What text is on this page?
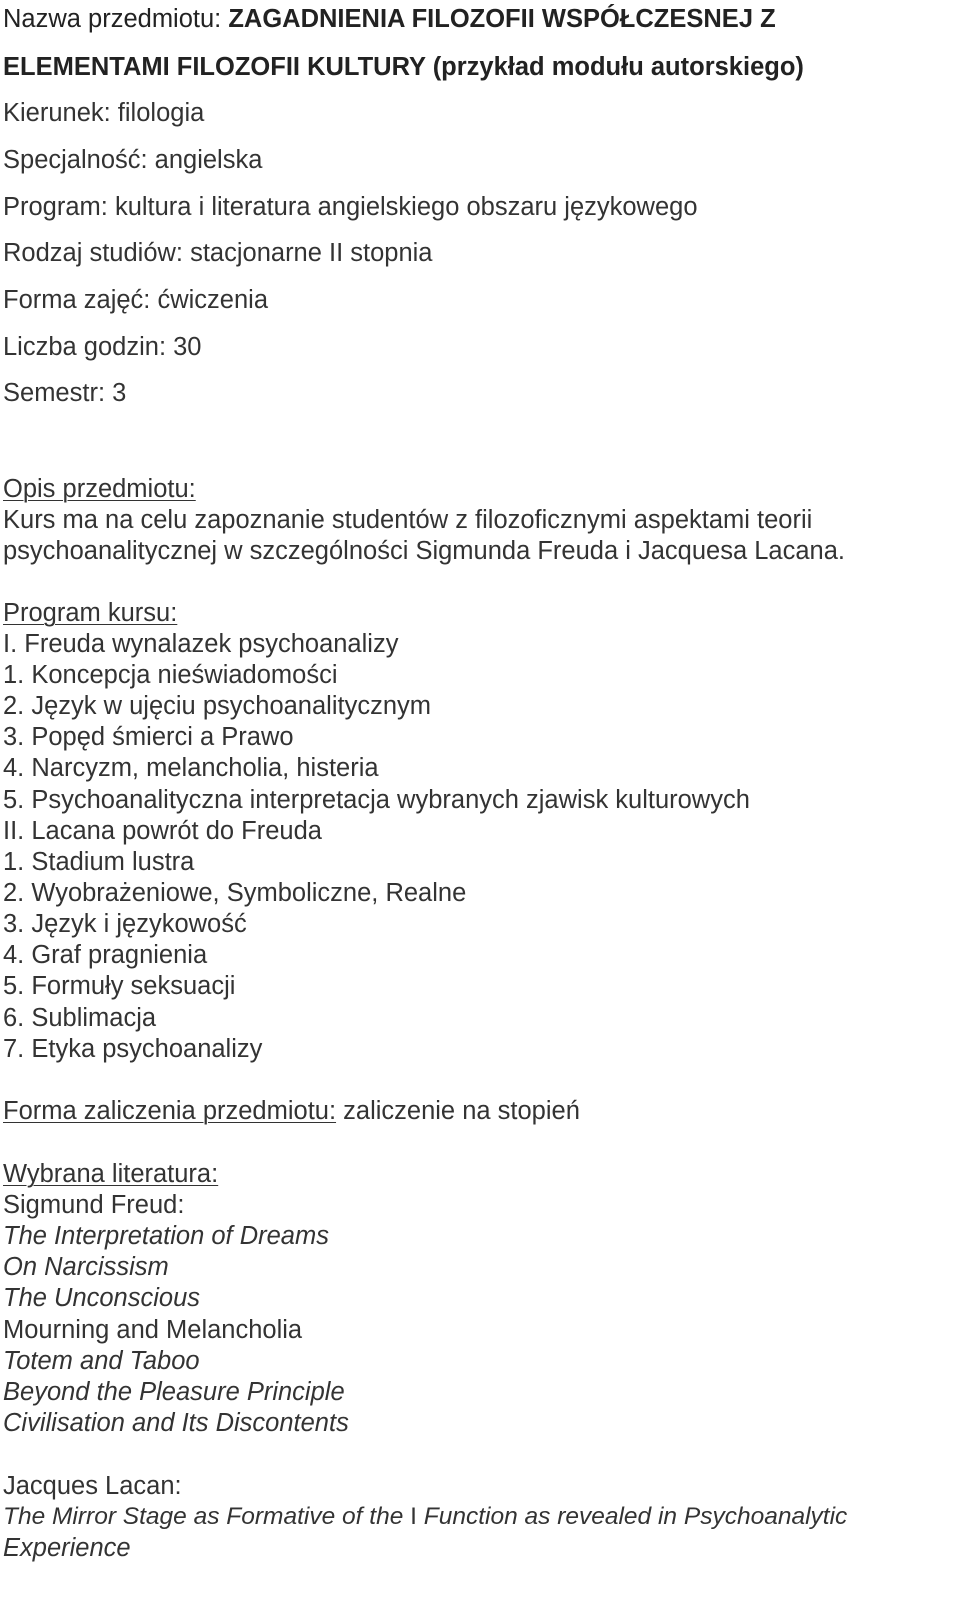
Nazwa przedmiotu: ZAGADNIENIA FILOZOFII WSPÓŁCZESNEJ Z
ELEMENTAMI FILOZOFII KULTURY (przykład modułu autorskiego)
Kierunek: filologia
Specjalność: angielska
Program: kultura i literatura angielskiego obszaru językowego
Rodzaj studiów: stacjonarne II stopnia
Forma zajęć: ćwiczenia
Liczba godzin: 30
Semestr: 3
Opis przedmiotu:
Kurs ma na celu zapoznanie studentów z filozoficznymi aspektami teorii
psychoanalitycznej w szczególności Sigmunda Freuda i Jacquesa Lacana.
Program kursu:
I. Freuda wynalazek psychoanalizy
1. Koncepcja nieświadomości
2. Język w ujęciu psychoanalitycznym
3. Popęd śmierci a Prawo
4. Narcyzm, melancholia, histeria
5. Psychoanalityczna interpretacja wybranych zjawisk kulturowych
II. Lacana powrót do Freuda
1. Stadium lustra
2. Wyobrażeniowe, Symboliczne, Realne
3. Język i językowość
4. Graf pragnienia
5. Formuły seksuacji
6. Sublimacja
7. Etyka psychoanalizy
Forma zaliczenia przedmiotu: zaliczenie na stopień
Wybrana literatura:
Sigmund Freud:
The Interpretation of Dreams
On Narcissism
The Unconscious
Mourning and Melancholia
Totem and Taboo
Beyond the Pleasure Principle
Civilisation and Its Discontents
Jacques Lacan:
The Mirror Stage as Formative of the I Function as revealed in Psychoanalytic
Experience
